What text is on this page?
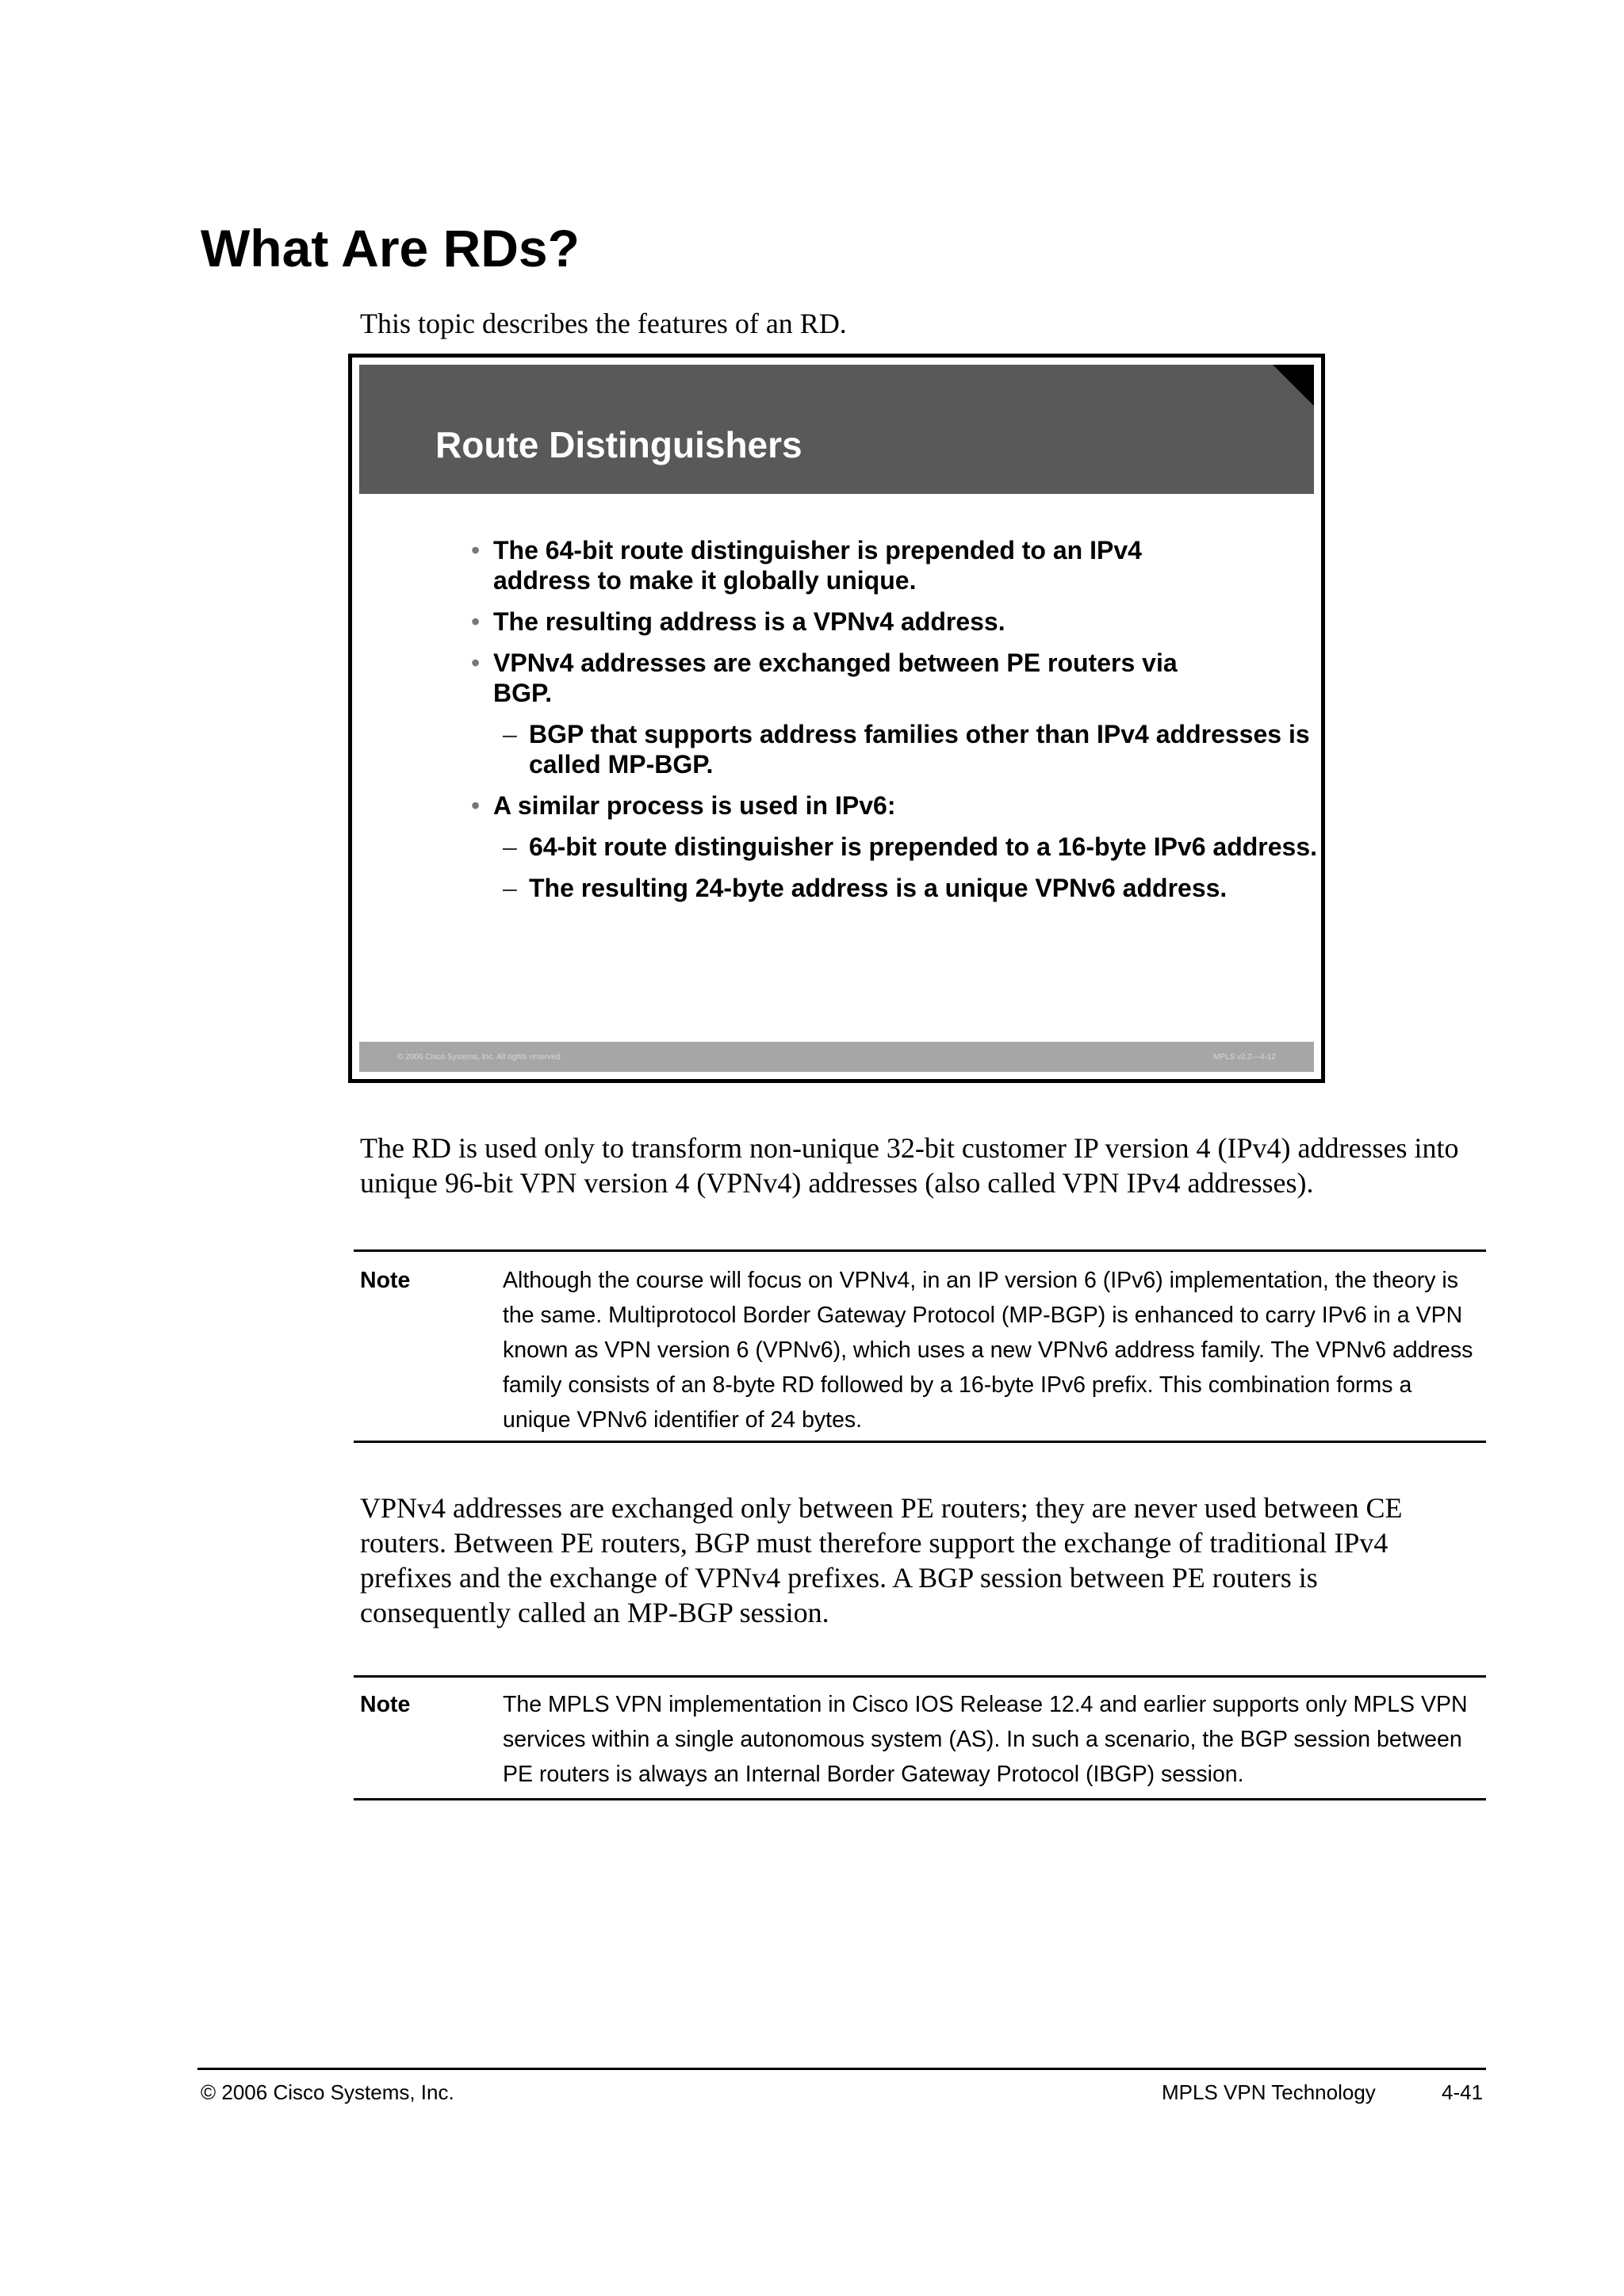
What Are RDs?

This topic describes the features of an RD.

Route Distinguishers
• The 64-bit route distinguisher is prepended to an IPv4 address to make it globally unique.
• The resulting address is a VPNv4 address.
• VPNv4 addresses are exchanged between PE routers via BGP.
– BGP that supports address families other than IPv4 addresses is called MP-BGP.
• A similar process is used in IPv6:
– 64-bit route distinguisher is prepended to a 16-byte IPv6 address.
– The resulting 24-byte address is a unique VPNv6 address.
© 2006 Cisco Systems, Inc. All rights reserved.	MPLS v2.2—4-12

The RD is used only to transform non-unique 32-bit customer IP version 4 (IPv4) addresses into unique 96-bit VPN version 4 (VPNv4) addresses (also called VPN IPv4 addresses).

Note	Although the course will focus on VPNv4, in an IP version 6 (IPv6) implementation, the theory is the same. Multiprotocol Border Gateway Protocol (MP-BGP) is enhanced to carry IPv6 in a VPN known as VPN version 6 (VPNv6), which uses a new VPNv6 address family. The VPNv6 address family consists of an 8-byte RD followed by a 16-byte IPv6 prefix. This combination forms a unique VPNv6 identifier of 24 bytes.

VPNv4 addresses are exchanged only between PE routers; they are never used between CE routers. Between PE routers, BGP must therefore support the exchange of traditional IPv4 prefixes and the exchange of VPNv4 prefixes. A BGP session between PE routers is consequently called an MP-BGP session.

Note	The MPLS VPN implementation in Cisco IOS Release 12.4 and earlier supports only MPLS VPN services within a single autonomous system (AS). In such a scenario, the BGP session between PE routers is always an Internal Border Gateway Protocol (IBGP) session.

© 2006 Cisco Systems, Inc.	MPLS VPN Technology	4-41
